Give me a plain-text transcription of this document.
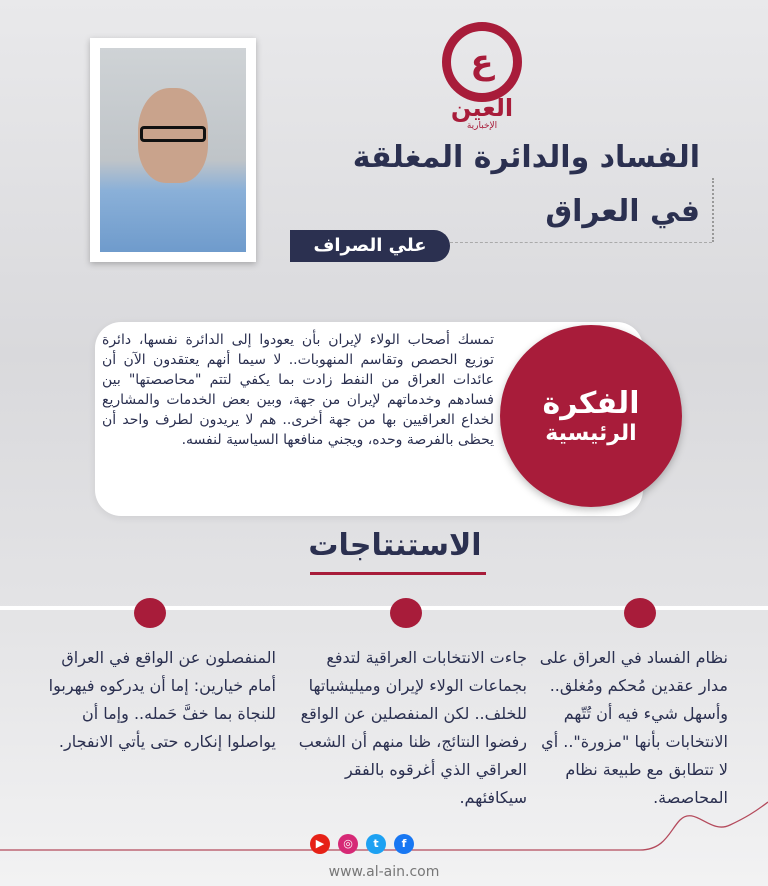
ع
العين
الإخبارية
الفساد والدائرة المغلقة
في العراق
علي الصراف
الفكرة
الرئيسية
تمسك أصحاب الولاء لإيران بأن يعودوا إلى الدائرة نفسها، دائرة توزيع الحصص وتقاسم المنهوبات.. لا سيما أنهم يعتقدون الآن أن عائدات العراق من النفط زادت بما يكفي لتتم "محاصصتها" بين فسادهم وخدماتهم لإيران من جهة، وبين بعض الخدمات والمشاريع لخداع العراقيين بها من جهة أخرى.. هم لا يريدون لطرف واحد أن يحظى بالفرصة وحده، ويجني منافعها السياسية لنفسه.
الاستنتاجات
نظام الفساد في العراق على مدار عقدين مُحكم ومُغلق.. وأسهل شيء فيه أن تُتّهم الانتخابات بأنها "مزورة".. أي لا تتطابق مع طبيعة نظام المحاصصة.
جاءت الانتخابات العراقية لتدفع بجماعات الولاء لإيران وميليشياتها للخلف.. لكن المنفصلين عن الواقع رفضوا النتائج، ظنا منهم أن الشعب العراقي الذي أغرقوه بالفقر سيكافئهم.
المنفصلون عن الواقع في العراق أمام خيارين: إما أن يدركوه فيهربوا للنجاة بما خفَّ حَمله.. وإما أن يواصلوا إنكاره حتى يأتي الانفجار.
▶	◎	t	f
www.al-ain.com
